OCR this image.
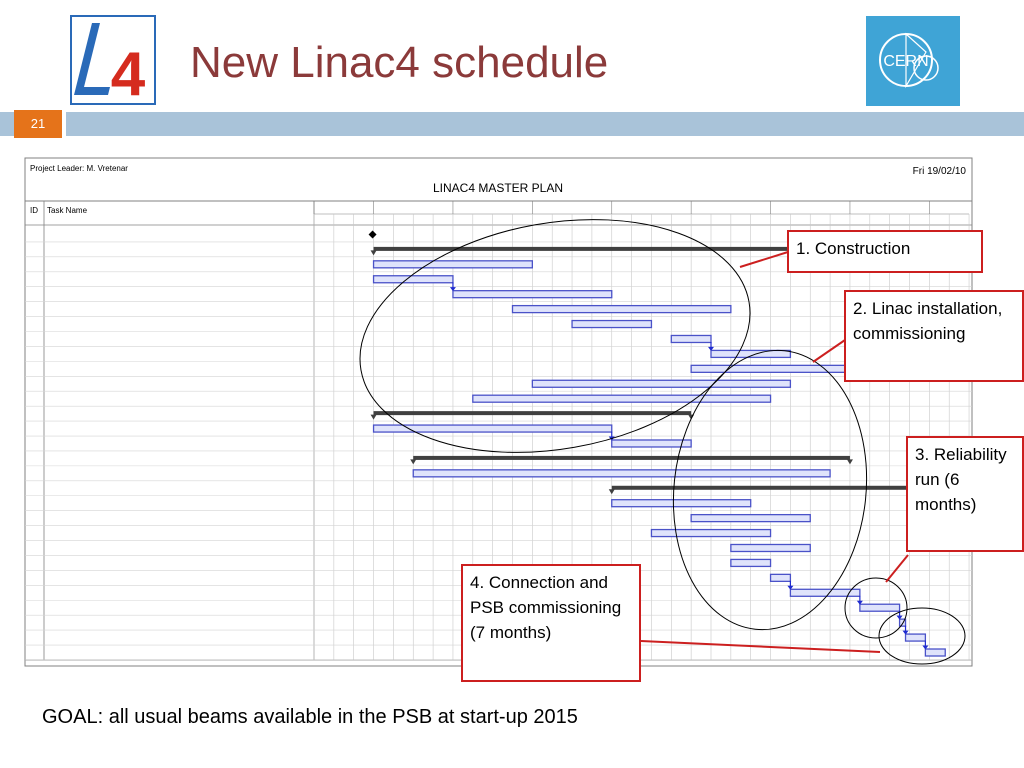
4	CERN
New Linac4 schedule
21
Project Leader: M. Vretenar	Fri 19/02/10
LINAC4 MASTER PLAN
ID Task Name
1. Construction
2. Linac installation, commissioning
3. Reliability run (6 months)
4. Connection and PSB commissioning (7 months)
GOAL: all usual beams available in the PSB at start-up 2015
